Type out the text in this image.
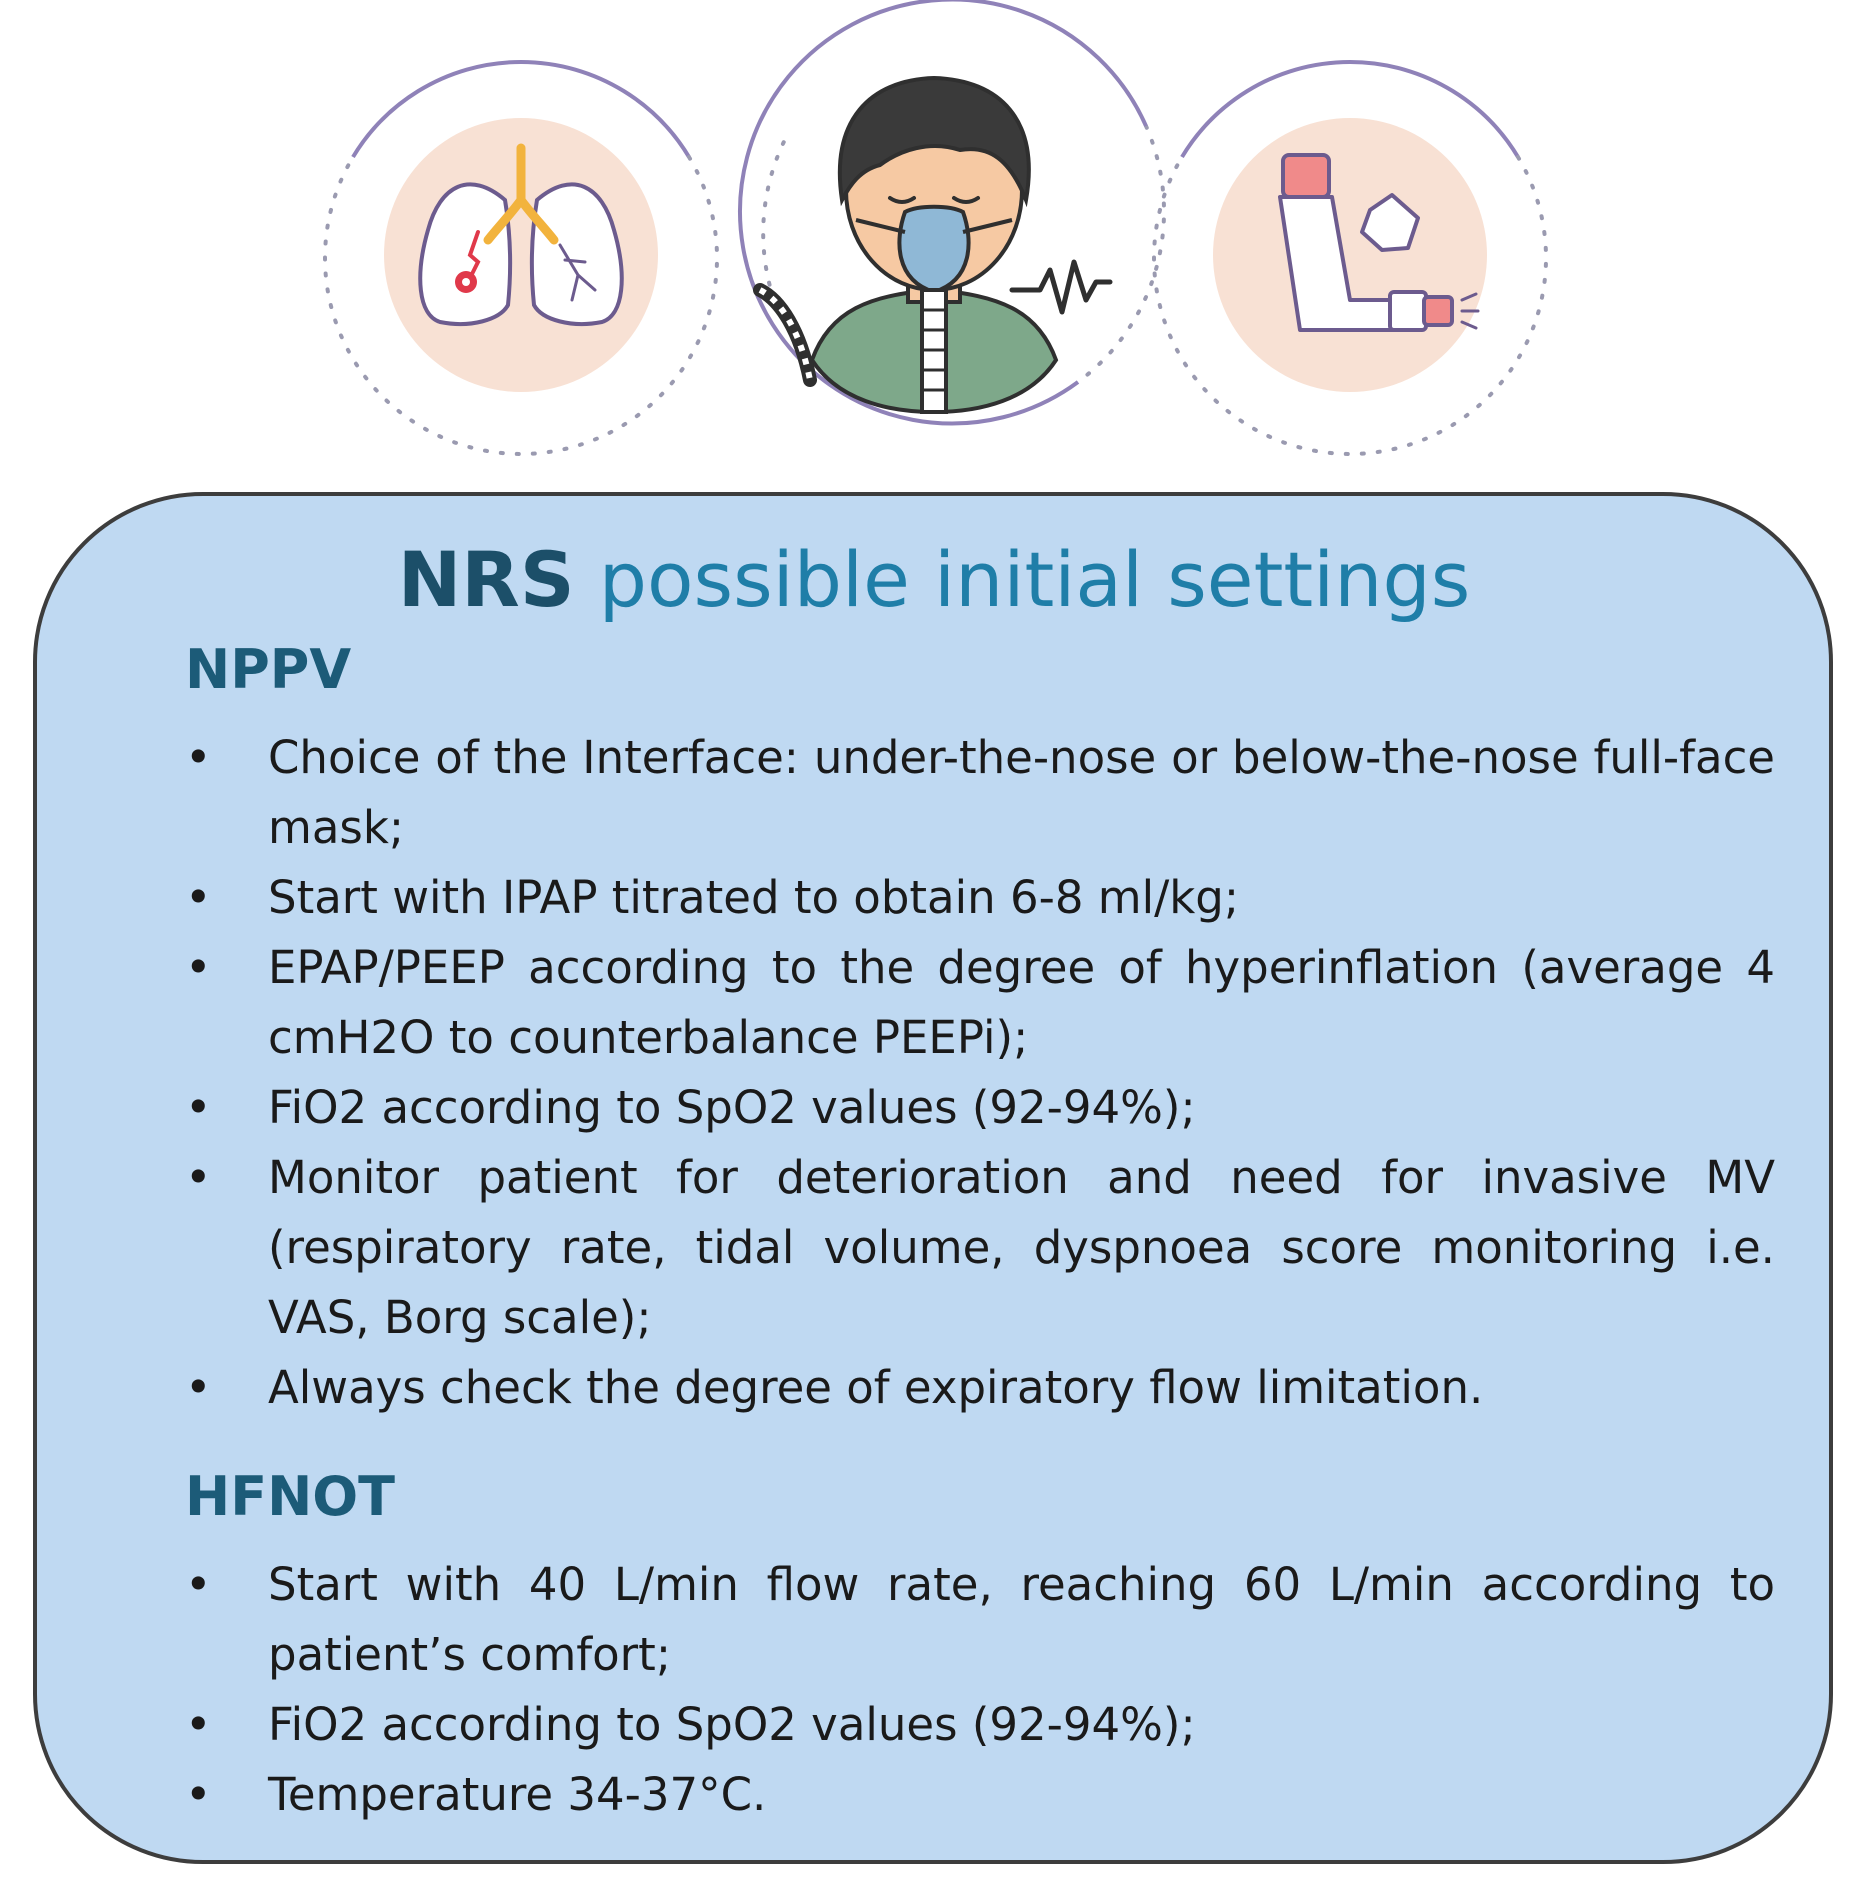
NRS possible initial settings
NPPV
• Choice of the Interface: under-the-nose or below-the-nose full-face mask;
• Start with IPAP titrated to obtain 6-8 ml/kg;
• EPAP/PEEP according to the degree of hyperinflation (average 4 cmH2O to counterbalance PEEPi);
• FiO2 according to SpO2 values (92-94%);
• Monitor patient for deterioration and need for invasive MV (respiratory rate, tidal volume, dyspnoea score monitoring i.e. VAS, Borg scale);
• Always check the degree of expiratory flow limitation.
HFNOT
• Start with 40 L/min flow rate, reaching 60 L/min according to patient’s comfort;
• FiO2 according to SpO2 values (92-94%);
• Temperature 34-37°C.
